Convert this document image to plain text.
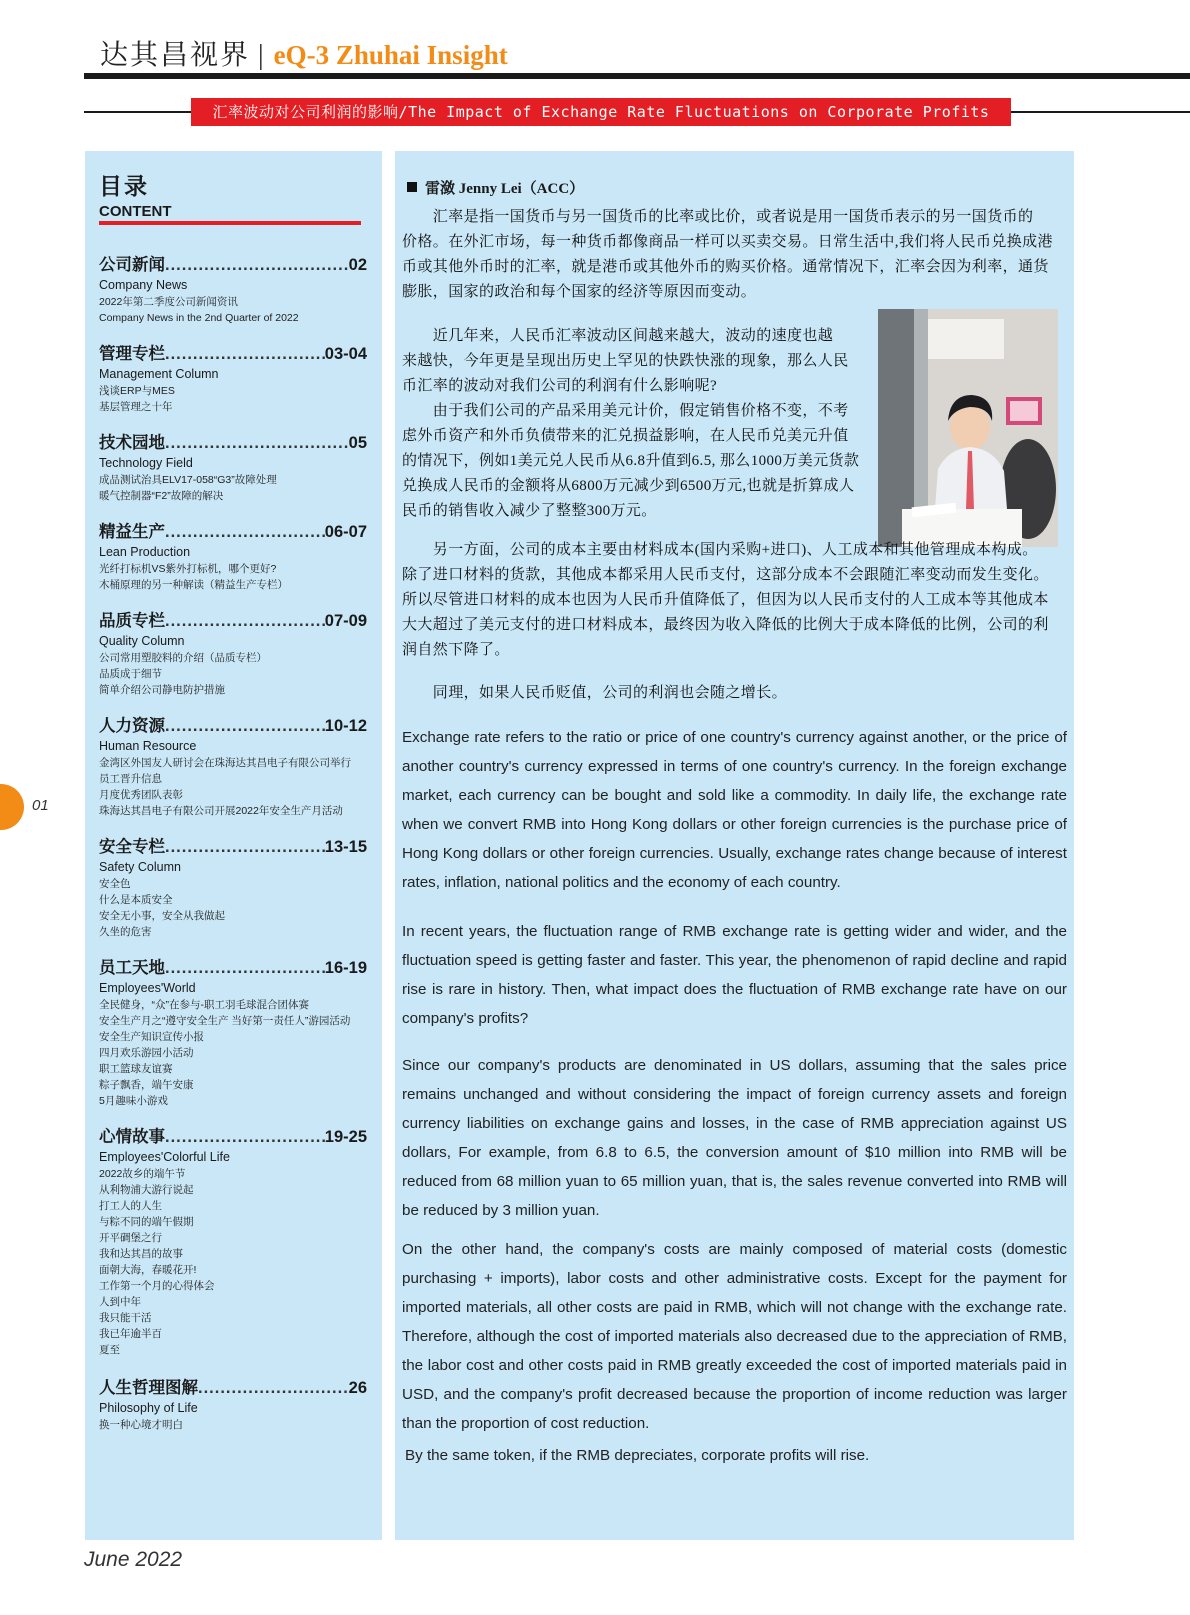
达其昌视界 | eQ-3 Zhuhai Insight
汇率波动对公司利润的影响/The Impact of Exchange Rate Fluctuations on Corporate Profits
01
目录
CONTENT
公司新闻 .....	02
Company News
2022年第二季度公司新闻资讯
Company News in the 2nd Quarter of 2022
管理专栏 .....	03-04
Management Column
浅谈ERP与MES
基层管理之十年
技术园地 .....	05
Technology Field
成品测试治具ELV17-058“G3”故障处理
暖气控制器“F2”故障的解决
精益生产 .....	06-07
Lean Production
光纤打标机VS紫外打标机，哪个更好?
木桶原理的另一种解读（精益生产专栏）
品质专栏 .....	07-09
Quality Column
公司常用塑胶料的介绍（品质专栏）
品质成于细节
简单介绍公司静电防护措施
人力资源 .....	10-12
Human Resource
金湾区外国友人研讨会在珠海达其昌电子有限公司举行
员工晋升信息
月度优秀团队表彰
珠海达其昌电子有限公司开展2022年安全生产月活动
安全专栏 .....	13-15
Safety Column
安全色
什么是本质安全
安全无小事，安全从我做起
久坐的危害
员工天地 .....	16-19
Employees'World
全民健身，“众”在参与-职工羽毛球混合团体赛
安全生产月之“遵守安全生产 当好第一责任人”游园活动
安全生产知识宣传小报
四月欢乐游园小活动
职工篮球友谊赛
粽子飘香，端午安康
5月趣味小游戏
心情故事 .....	19-25
Employees'Colorful Life
2022故乡的端午节
从利物浦大游行说起
打工人的人生
与粽不同的端午假期
开平碉堡之行
我和达其昌的故事
面朝大海，春暖花开!
工作第一个月的心得体会
人到中年
我只能干活
我已年逾半百
夏至
人生哲理图解 .....	26
Philosophy of Life
换一种心境才明白
雷潋 Jenny Lei（ACC）
　　汇率是指一国货币与另一国货币的比率或比价，或者说是用一国货币表示的另一国货币的
价格。在外汇市场，每一种货币都像商品一样可以买卖交易。日常生活中,我们将人民币兑换成港
币或其他外币时的汇率，就是港币或其他外币的购买价格。通常情况下，汇率会因为利率，通货
膨胀，国家的政治和每个国家的经济等原因而变动。
　　近几年来，人民币汇率波动区间越来越大，波动的速度也越
来越快，今年更是呈现出历史上罕见的快跌快涨的现象，那么人民
币汇率的波动对我们公司的利润有什么影响呢?
　　由于我们公司的产品采用美元计价，假定销售价格不变，不考
虑外币资产和外币负债带来的汇兑损益影响，在人民币兑美元升值
的情况下，例如1美元兑人民币从6.8升值到6.5, 那么1000万美元货款
兑换成人民币的金额将从6800万元减少到6500万元,也就是折算成人
民币的销售收入减少了整整300万元。
　　另一方面，公司的成本主要由材料成本(国内采购+进口)、人工成本和其他管理成本构成。
除了进口材料的货款，其他成本都采用人民币支付，这部分成本不会跟随汇率变动而发生变化。
所以尽管进口材料的成本也因为人民币升值降低了，但因为以人民币支付的人工成本等其他成本
大大超过了美元支付的进口材料成本，最终因为收入降低的比例大于成本降低的比例，公司的利
润自然下降了。
　　同理，如果人民币贬值，公司的利润也会随之增长。
Exchange rate refers to the ratio or price of one country's currency against another, or the price of another country's currency expressed in terms of one country's currency. In the foreign exchange market, each currency can be bought and sold like a commodity. In daily life, the exchange rate when we convert RMB into Hong Kong dollars or other foreign currencies is the purchase price of Hong Kong dollars or other foreign currencies. Usually, exchange rates change because of interest rates, inflation, national politics and the economy of each country.
In recent years, the fluctuation range of RMB exchange rate is getting wider and wider, and the fluctuation speed is getting faster and faster. This year, the phenomenon of rapid decline and rapid rise is rare in history. Then, what impact does the fluctuation of RMB exchange rate have on our company's profits?
Since our company's products are denominated in US dollars, assuming that the sales price remains unchanged and without considering the impact of foreign currency assets and foreign currency liabilities on exchange gains and losses, in the case of RMB appreciation against US dollars, For example, from 6.8 to 6.5, the conversion amount of $10 million into RMB will be reduced from 68 million yuan to 65 million yuan, that is, the sales revenue converted into RMB will be reduced by 3 million yuan.
On the other hand, the company's costs are mainly composed of material costs (domestic purchasing + imports), labor costs and other administrative costs. Except for the payment for imported materials, all other costs are paid in RMB, which will not change with the exchange rate. Therefore, although the cost of imported materials also decreased due to the appreciation of RMB, the labor cost and other costs paid in RMB greatly exceeded the cost of imported materials paid in USD, and the company's profit decreased because the proportion of income reduction was larger than the proportion of cost reduction.
By the same token, if the RMB depreciates, corporate profits will rise.
June 2022
